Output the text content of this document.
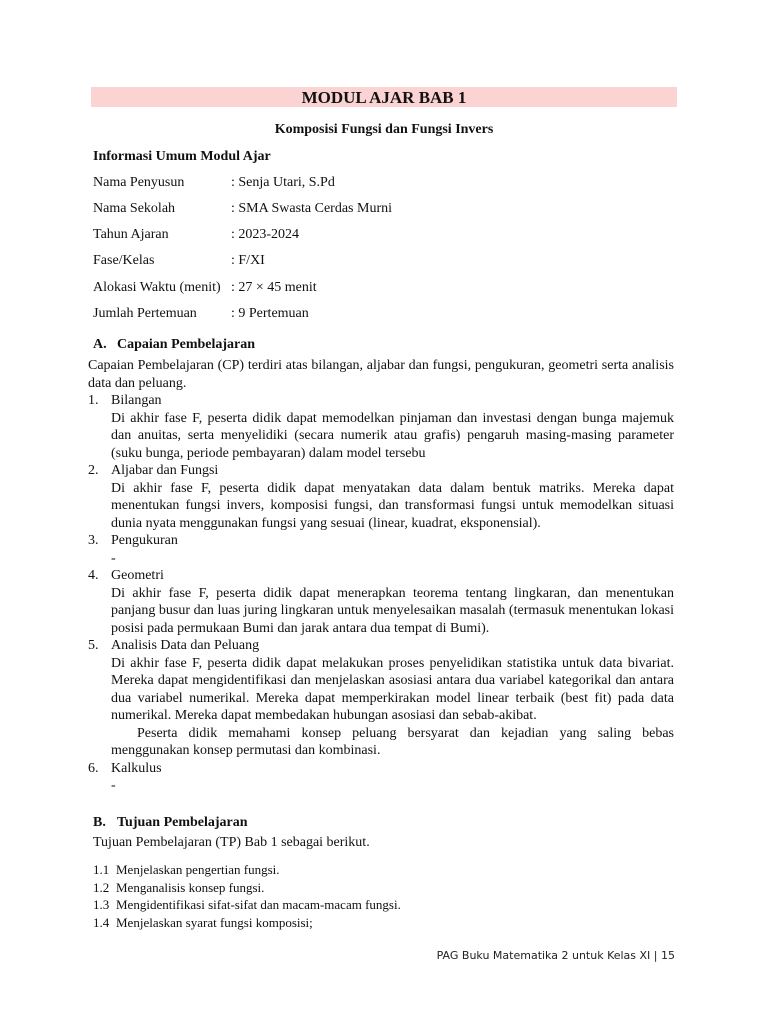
MODUL AJAR BAB 1
Komposisi Fungsi dan Fungsi Invers
Informasi Umum Modul Ajar
Nama Penyusun	: Senja Utari, S.Pd
Nama Sekolah	: SMA Swasta Cerdas Murni
Tahun Ajaran	: 2023-2024
Fase/Kelas	: F/XI
Alokasi Waktu (menit) : 27 × 45 menit
Jumlah Pertemuan : 9 Pertemuan
A. Capaian Pembelajaran
Capaian Pembelajaran (CP) terdiri atas bilangan, aljabar dan fungsi, pengukuran, geometri serta analisis data dan peluang.
1. Bilangan
Di akhir fase F, peserta didik dapat memodelkan pinjaman dan investasi dengan bunga majemuk dan anuitas, serta menyelidiki (secara numerik atau grafis) pengaruh masing-masing parameter (suku bunga, periode pembayaran) dalam model tersebu
2. Aljabar dan Fungsi
Di akhir fase F, peserta didik dapat menyatakan data dalam bentuk matriks. Mereka dapat menentukan fungsi invers, komposisi fungsi, dan transformasi fungsi untuk memodelkan situasi dunia nyata menggunakan fungsi yang sesuai (linear, kuadrat, eksponensial).
3. Pengukuran
-
4. Geometri
Di akhir fase F, peserta didik dapat menerapkan teorema tentang lingkaran, dan menentukan panjang busur dan luas juring lingkaran untuk menyelesaikan masalah (termasuk menentukan lokasi posisi pada permukaan Bumi dan jarak antara dua tempat di Bumi).
5. Analisis Data dan Peluang
Di akhir fase F, peserta didik dapat melakukan proses penyelidikan statistika untuk data bivariat. Mereka dapat mengidentifikasi dan menjelaskan asosiasi antara dua variabel kategorikal dan antara dua variabel numerikal. Mereka dapat memperkirakan model linear terbaik (best fit) pada data numerikal. Mereka dapat membedakan hubungan asosiasi dan sebab-akibat.
Peserta didik memahami konsep peluang bersyarat dan kejadian yang saling bebas menggunakan konsep permutasi dan kombinasi.
6. Kalkulus
-
B. Tujuan Pembelajaran
Tujuan Pembelajaran (TP) Bab 1 sebagai berikut.
1.1 Menjelaskan pengertian fungsi.
1.2 Menganalisis konsep fungsi.
1.3 Mengidentifikasi sifat-sifat dan macam-macam fungsi.
1.4 Menjelaskan syarat fungsi komposisi;
PAG Buku Matematika 2 untuk Kelas XI | 15
